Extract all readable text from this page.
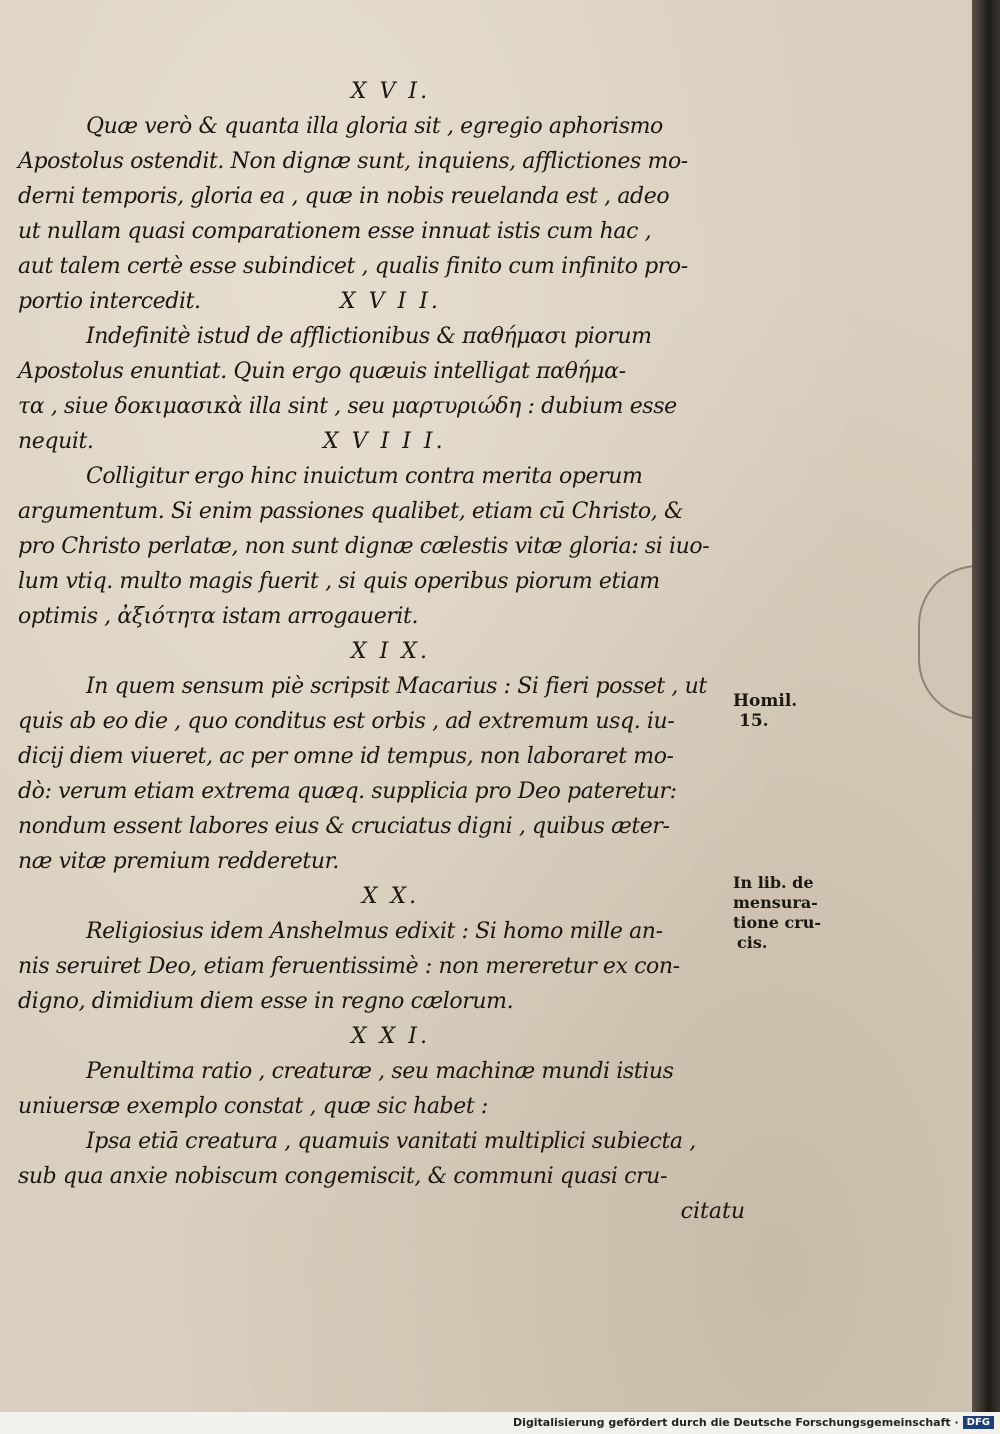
X V I.
Quæ verò & quanta illa gloria sit , egregio aphorismo
Apostolus ostendit. Non dignæ sunt, inquiens, afflictiones mo-
derni temporis, gloria ea , quæ in nobis reuelanda est , adeo
ut nullam quasi comparationem esse innuat istis cum hac ,
aut talem certè esse subindicet , qualis finito cum infinito pro-
portio intercedit.	X V I I.
Indefinitè istud de afflictionibus & παθήμασι piorum
Apostolus enuntiat. Quin ergo quæuis intelligat παθήμα-
τα , siue δοκιμασικὰ illa sint , seu μαρτυριώδη : dubium esse
nequit.	X V I I I.
Colligitur ergo hinc inuictum contra merita operum
argumentum. Si enim passiones qualibet, etiam cū Christo, &
pro Christo perlatæ, non sunt dignæ cælestis vitæ gloria: si iuo-
lum vtiq. multo magis fuerit , si quis operibus piorum etiam
optimis , ἀξιότητα istam arrogauerit.
X I X.
In quem sensum piè scripsit Macarius : Si fieri posset , ut
quis ab eo die , quo conditus est orbis , ad extremum usq. iu-
dicij diem viueret, ac per omne id tempus, non laboraret mo-
dò: verum etiam extrema quæq. supplicia pro Deo pateretur:
nondum essent labores eius & cruciatus digni , quibus æter-
næ vitæ premium redderetur.
X X.
Religiosius idem Anshelmus edixit : Si homo mille an-
nis seruiret Deo, etiam feruentissimè : non mereretur ex con-
digno, dimidium diem esse in regno cælorum.
X X I.
Penultima ratio , creaturæ , seu machinæ mundi istius
uniuersæ exemplo constat , quæ sic habet :
Ipsa etiā creatura , quamuis vanitati multiplici subiecta ,
sub qua anxie nobiscum congemiscit, & communi quasi cru-
citatu
Homil.
15.
In lib. de
mensura-
tione cru-
cis.
Digitalisierung gefördert durch die Deutsche Forschungsgemeinschaft · DFG
